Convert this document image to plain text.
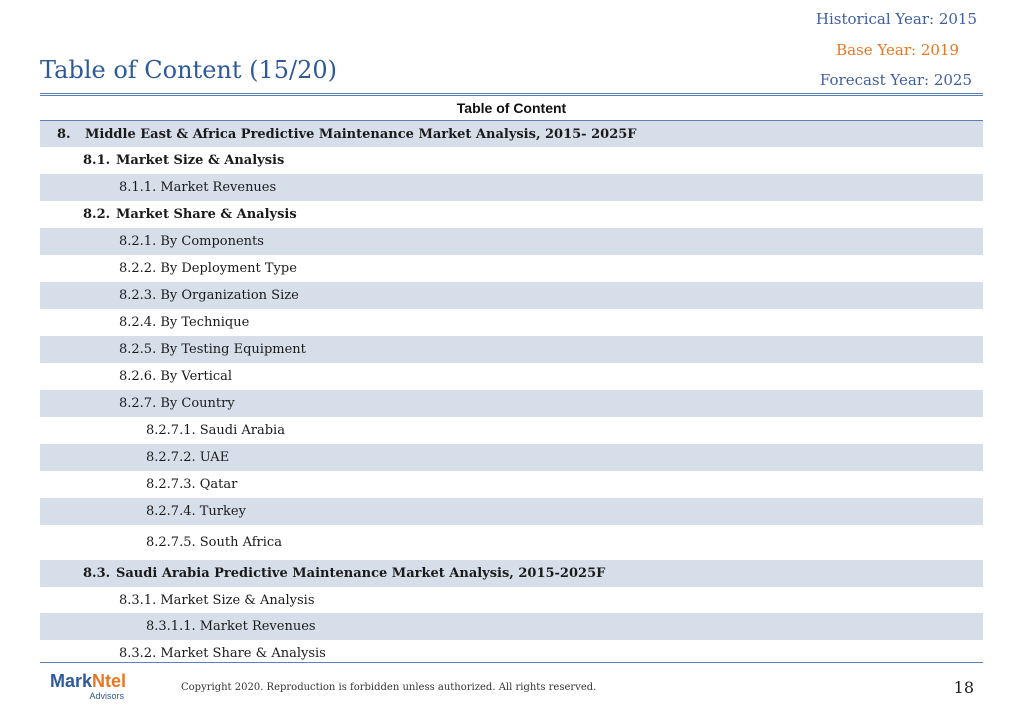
Historical Year: 2015
Base Year: 2019
Forecast Year: 2025
Table of Content (15/20)
Table of Content
8.	Middle East & Africa Predictive Maintenance Market Analysis, 2015- 2025F
8.1. Market Size & Analysis
8.1.1. Market Revenues
8.2. Market Share & Analysis
8.2.1. By Components
8.2.2. By Deployment Type
8.2.3. By Organization Size
8.2.4. By Technique
8.2.5. By Testing Equipment
8.2.6. By Vertical
8.2.7. By Country
8.2.7.1. Saudi Arabia
8.2.7.2. UAE
8.2.7.3. Qatar
8.2.7.4. Turkey
8.2.7.5. South Africa
8.3. Saudi Arabia Predictive Maintenance Market Analysis, 2015-2025F
8.3.1. Market Size & Analysis
8.3.1.1. Market Revenues
8.3.2. Market Share & Analysis
MarkNtel
Advisors
Copyright 2020. Reproduction is forbidden unless authorized. All rights reserved.	18
